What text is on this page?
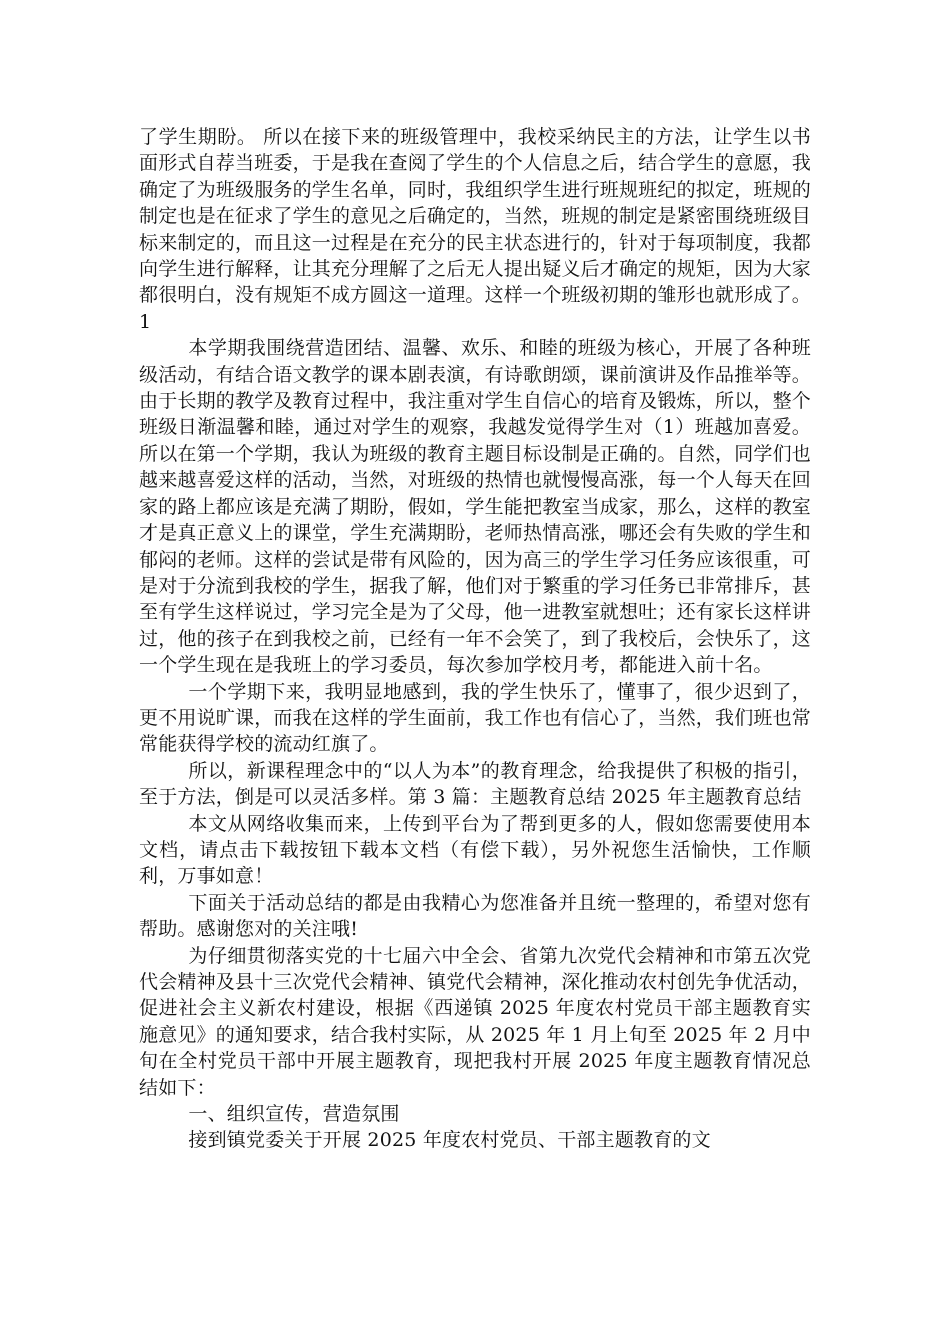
了学生期盼。 所以在接下来的班级管理中，我校采纳民主的方法，让学生以书面形式自荐当班委，于是我在查阅了学生的个人信息之后，结合学生的意愿，我确定了为班级服务的学生名单，同时，我组织学生进行班规班纪的拟定，班规的制定也是在征求了学生的意见之后确定的，当然，班规的制定是紧密围绕班级目标来制定的，而且这一过程是在充分的民主状态进行的，针对于每项制度，我都向学生进行解释，让其充分理解了之后无人提出疑义后才确定的规矩，因为大家都很明白，没有规矩不成方圆这一道理。这样一个班级初期的雏形也就形成了。1

本学期我围绕营造团结、温馨、欢乐、和睦的班级为核心，开展了各种班级活动，有结合语文教学的课本剧表演，有诗歌朗颂，课前演讲及作品推举等。由于长期的教学及教育过程中，我注重对学生自信心的培育及锻炼，所以，整个班级日渐温馨和睦，通过对学生的观察，我越发觉得学生对（1）班越加喜爱。所以在第一个学期，我认为班级的教育主题目标设制是正确的。自然，同学们也越来越喜爱这样的活动，当然，对班级的热情也就慢慢高涨，每一个人每天在回家的路上都应该是充满了期盼，假如，学生能把教室当成家，那么，这样的教室才是真正意义上的课堂，学生充满期盼，老师热情高涨，哪还会有失败的学生和郁闷的老师。这样的尝试是带有风险的，因为高三的学生学习任务应该很重，可是对于分流到我校的学生，据我了解，他们对于繁重的学习任务已非常排斥，甚至有学生这样说过，学习完全是为了父母，他一进教室就想吐；还有家长这样讲过，他的孩子在到我校之前，已经有一年不会笑了，到了我校后，会快乐了，这一个学生现在是我班上的学习委员，每次参加学校月考，都能进入前十名。

一个学期下来，我明显地感到，我的学生快乐了，懂事了，很少迟到了，更不用说旷课，而我在这样的学生面前，我工作也有信心了，当然，我们班也常常能获得学校的流动红旗了。

所以，新课程理念中的“以人为本”的教育理念，给我提供了积极的指引，至于方法，倒是可以灵活多样。第 3 篇：主题教育总结 2025 年主题教育总结

本文从网络收集而来，上传到平台为了帮到更多的人，假如您需要使用本文档，请点击下载按钮下载本文档（有偿下载），另外祝您生活愉快，工作顺利，万事如意！

下面关于活动总结的都是由我精心为您准备并且统一整理的，希望对您有帮助。感谢您对的关注哦!

为仔细贯彻落实党的十七届六中全会、省第九次党代会精神和市第五次党代会精神及县十三次党代会精神、镇党代会精神，深化推动农村创先争优活动，促进社会主义新农村建设，根据《西递镇 2025 年度农村党员干部主题教育实施意见》的通知要求，结合我村实际，从 2025 年 1 月上旬至 2025 年 2 月中旬在全村党员干部中开展主题教育，现把我村开展 2025 年度主题教育情况总结如下：

一、组织宣传，营造氛围

接到镇党委关于开展 2025 年度农村党员、干部主题教育的文
